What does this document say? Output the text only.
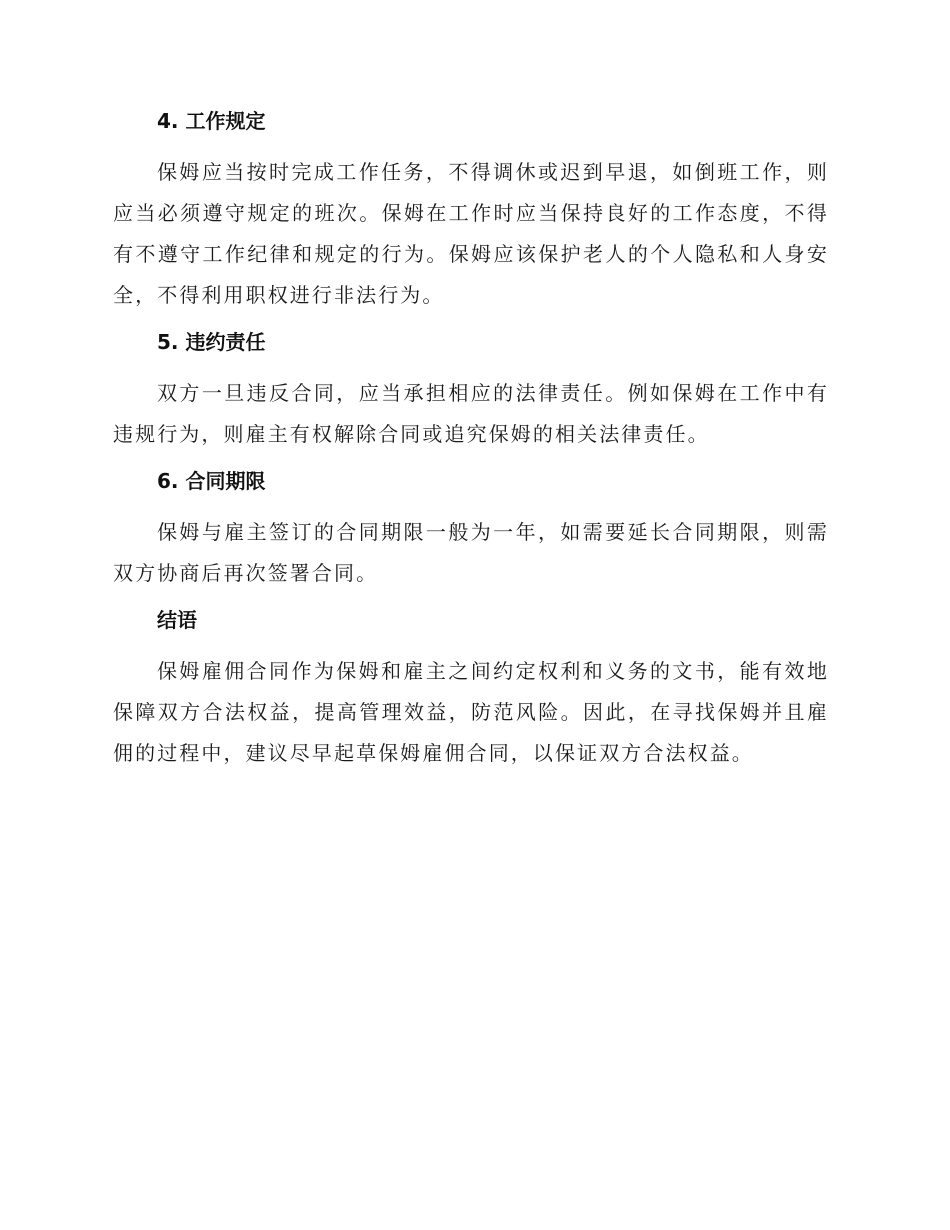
4. 工作规定

保姆应当按时完成工作任务，不得调休或迟到早退，如倒班工作，则应当必须遵守规定的班次。保姆在工作时应当保持良好的工作态度，不得有不遵守工作纪律和规定的行为。保姆应该保护老人的个人隐私和人身安全，不得利用职权进行非法行为。

5. 违约责任

双方一旦违反合同，应当承担相应的法律责任。例如保姆在工作中有违规行为，则雇主有权解除合同或追究保姆的相关法律责任。

6. 合同期限

保姆与雇主签订的合同期限一般为一年，如需要延长合同期限，则需双方协商后再次签署合同。

结语

保姆雇佣合同作为保姆和雇主之间约定权利和义务的文书，能有效地保障双方合法权益，提高管理效益，防范风险。因此，在寻找保姆并且雇佣的过程中，建议尽早起草保姆雇佣合同，以保证双方合法权益。
